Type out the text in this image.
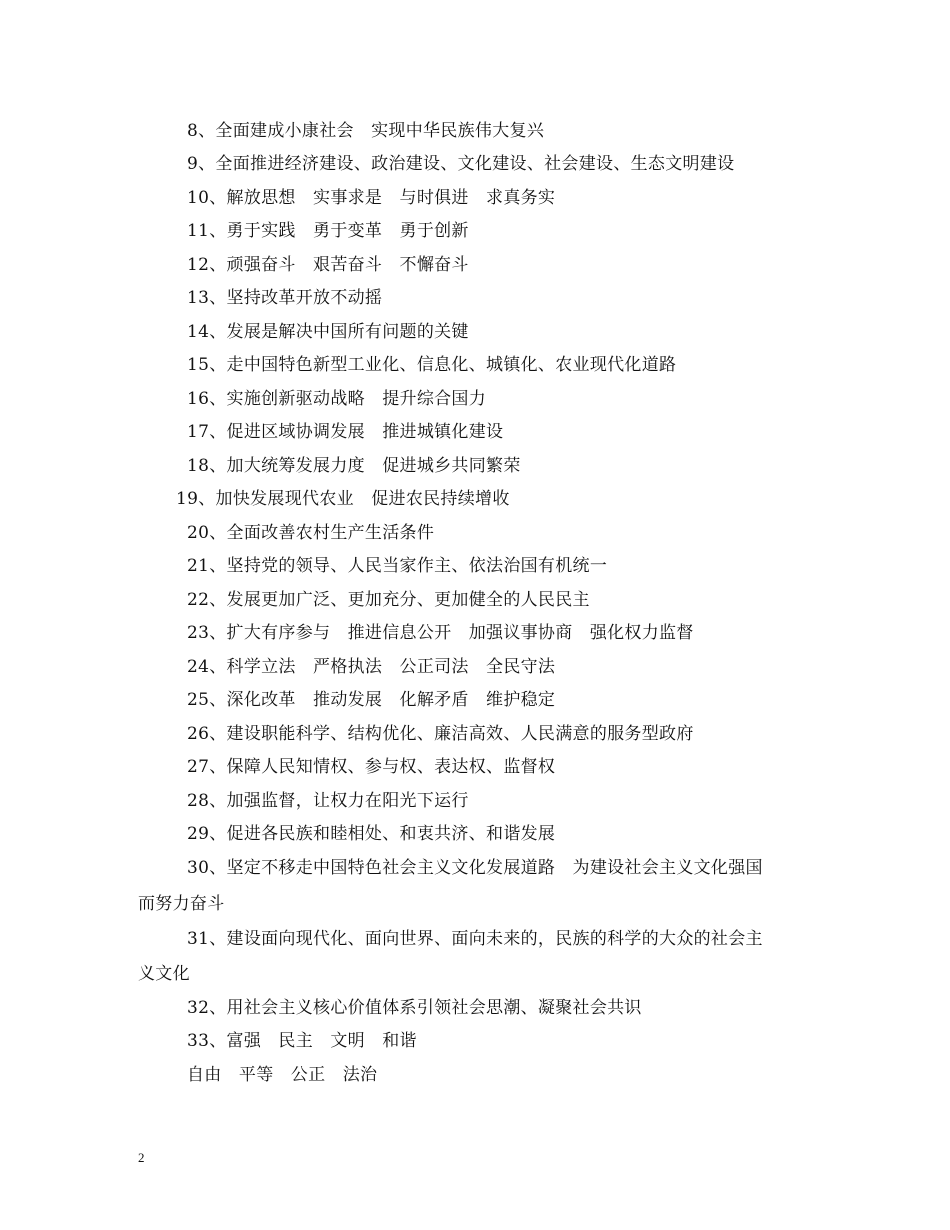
8、全面建成小康社会　实现中华民族伟大复兴
9、全面推进经济建设、政治建设、文化建设、社会建设、生态文明建设
10、解放思想　实事求是　与时俱进　求真务实
11、勇于实践　勇于变革　勇于创新
12、顽强奋斗　艰苦奋斗　不懈奋斗
13、坚持改革开放不动摇
14、发展是解决中国所有问题的关键
15、走中国特色新型工业化、信息化、城镇化、农业现代化道路
16、实施创新驱动战略　提升综合国力
17、促进区域协调发展　推进城镇化建设
18、加大统筹发展力度　促进城乡共同繁荣
19、加快发展现代农业　促进农民持续增收
20、全面改善农村生产生活条件
21、坚持党的领导、人民当家作主、依法治国有机统一
22、发展更加广泛、更加充分、更加健全的人民民主
23、扩大有序参与　推进信息公开　加强议事协商　强化权力监督
24、科学立法　严格执法　公正司法　全民守法
25、深化改革　推动发展　化解矛盾　维护稳定
26、建设职能科学、结构优化、廉洁高效、人民满意的服务型政府
27、保障人民知情权、参与权、表达权、监督权
28、加强监督，让权力在阳光下运行
29、促进各民族和睦相处、和衷共济、和谐发展
30、坚定不移走中国特色社会主义文化发展道路　为建设社会主义文化强国
而努力奋斗
31、建设面向现代化、面向世界、面向未来的，民族的科学的大众的社会主
义文化
32、用社会主义核心价值体系引领社会思潮、凝聚社会共识
33、富强　民主　文明　和谐
自由　平等　公正　法治
2
